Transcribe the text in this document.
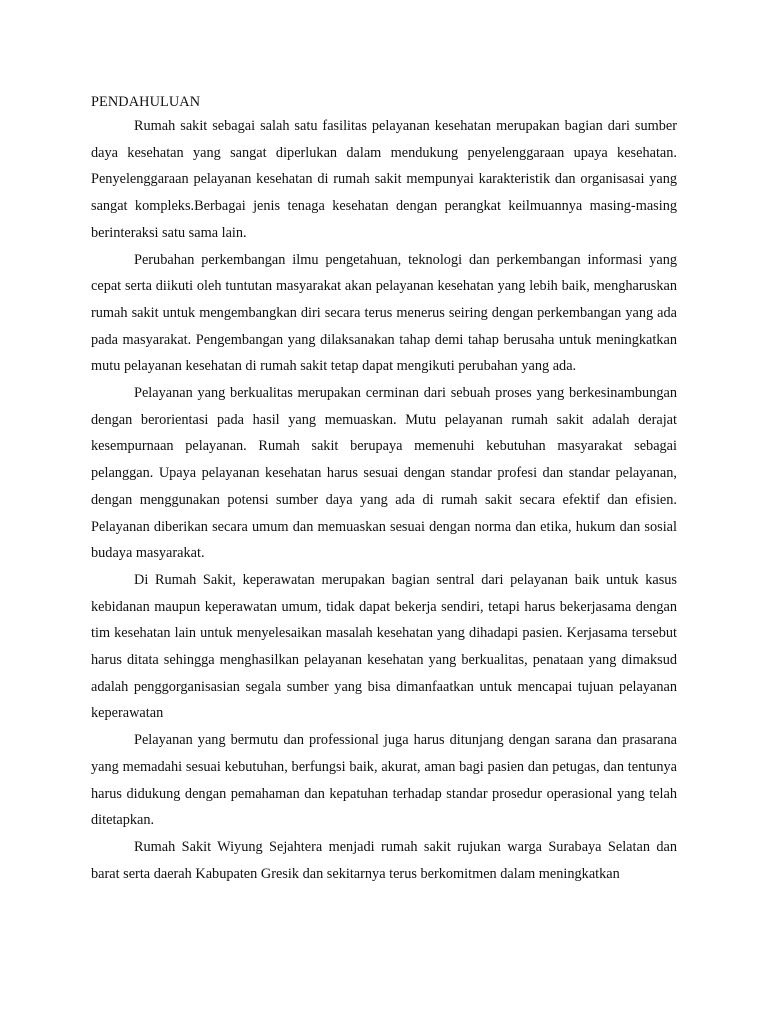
PENDAHULUAN

Rumah sakit sebagai salah satu fasilitas pelayanan kesehatan merupakan bagian dari sumber daya kesehatan yang sangat diperlukan dalam mendukung penyelenggaraan upaya kesehatan. Penyelenggaraan pelayanan kesehatan di rumah sakit mempunyai karakteristik dan organisasai yang sangat kompleks.Berbagai jenis tenaga kesehatan dengan perangkat keilmuannya masing-masing berinteraksi satu sama lain.

Perubahan perkembangan ilmu pengetahuan, teknologi dan perkembangan informasi yang cepat serta diikuti oleh tuntutan masyarakat akan pelayanan kesehatan yang lebih baik, mengharuskan rumah sakit untuk mengembangkan diri secara terus menerus seiring dengan perkembangan yang ada pada masyarakat. Pengembangan yang dilaksanakan tahap demi tahap berusaha untuk meningkatkan mutu pelayanan kesehatan di rumah sakit tetap dapat mengikuti perubahan yang ada.

Pelayanan yang berkualitas merupakan cerminan dari sebuah proses yang berkesinambungan dengan berorientasi pada hasil yang memuaskan. Mutu pelayanan rumah sakit adalah derajat kesempurnaan pelayanan. Rumah sakit berupaya memenuhi kebutuhan masyarakat sebagai pelanggan. Upaya pelayanan kesehatan harus sesuai dengan standar profesi dan standar pelayanan, dengan menggunakan potensi sumber daya yang ada di rumah sakit secara efektif dan efisien. Pelayanan diberikan secara umum dan memuaskan sesuai dengan norma dan etika, hukum dan sosial budaya masyarakat.

Di Rumah Sakit, keperawatan merupakan bagian sentral dari pelayanan baik untuk kasus kebidanan maupun keperawatan umum, tidak dapat bekerja sendiri, tetapi harus bekerjasama dengan tim kesehatan lain untuk menyelesaikan masalah kesehatan yang dihadapi pasien. Kerjasama tersebut harus ditata sehingga menghasilkan pelayanan kesehatan yang berkualitas, penataan yang dimaksud adalah penggorganisasian segala sumber yang bisa dimanfaatkan untuk mencapai tujuan pelayanan keperawatan

Pelayanan yang bermutu dan professional juga harus ditunjang dengan sarana dan prasarana yang memadahi sesuai kebutuhan, berfungsi baik, akurat, aman bagi pasien dan petugas, dan tentunya harus didukung dengan pemahaman dan kepatuhan terhadap standar prosedur operasional yang telah ditetapkan.

Rumah Sakit Wiyung Sejahtera menjadi rumah sakit rujukan warga Surabaya Selatan dan barat serta daerah Kabupaten Gresik dan sekitarnya terus berkomitmen dalam meningkatkan
